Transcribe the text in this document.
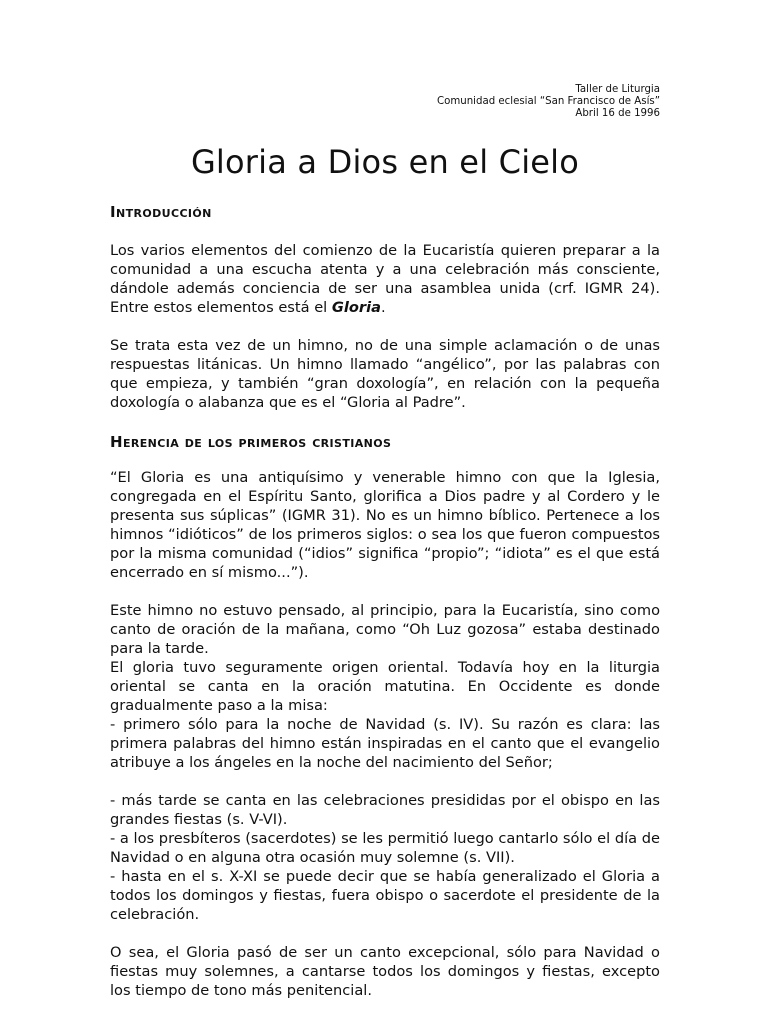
Taller de Liturgia
Comunidad eclesial “San Francisco de Asís”
Abril 16 de 1996
Gloria a Dios en el Cielo
Introducción

Los varios elementos del comienzo de la Eucaristía quieren preparar a la comunidad a una escucha atenta y a una celebración más consciente, dándole además conciencia de ser una asamblea unida (crf. IGMR 24). Entre estos elementos está el Gloria.

Se trata esta vez de un himno, no de una simple aclamación o de unas respuestas litánicas. Un himno llamado “angélico”, por las palabras con que empieza, y también “gran doxología”, en relación con la pequeña doxología o alabanza que es el “Gloria al Padre”.

Herencia de los primeros cristianos

“El Gloria es una antiquísimo y venerable himno con que la Iglesia, congregada en el Espíritu Santo, glorifica a Dios padre y al Cordero y le presenta sus súplicas” (IGMR 31). No es un himno bíblico. Pertenece a los himnos “idióticos” de los primeros siglos: o sea los que fueron compuestos por la misma comunidad (“idios” significa “propio”; “idiota” es el que está encerrado en sí mismo...”).

Este himno no estuvo pensado, al principio, para la Eucaristía, sino como canto de oración de la mañana, como “Oh Luz gozosa” estaba destinado para la tarde.

El gloria tuvo seguramente origen oriental. Todavía hoy en la liturgia oriental se canta en la oración matutina. En Occidente es donde gradualmente paso a la misa:

- primero sólo para la noche de Navidad (s. IV). Su razón es clara: las primera palabras del himno están inspiradas en el canto que el evangelio atribuye a los ángeles en la noche del nacimiento del Señor;

- más tarde se canta en las celebraciones presididas por el obispo en las grandes fiestas (s. V-VI).

- a los presbíteros (sacerdotes) se les permitió luego cantarlo sólo el día de Navidad o en alguna otra ocasión muy solemne (s. VII).

- hasta en el s. X-XI se puede decir que se había generalizado el Gloria a todos los domingos y fiestas, fuera obispo o sacerdote el presidente de la celebración.

O sea, el Gloria pasó de ser un canto excepcional, sólo para Navidad o fiestas muy solemnes, a cantarse todos los domingos y fiestas, excepto los tiempo de tono más penitencial.
